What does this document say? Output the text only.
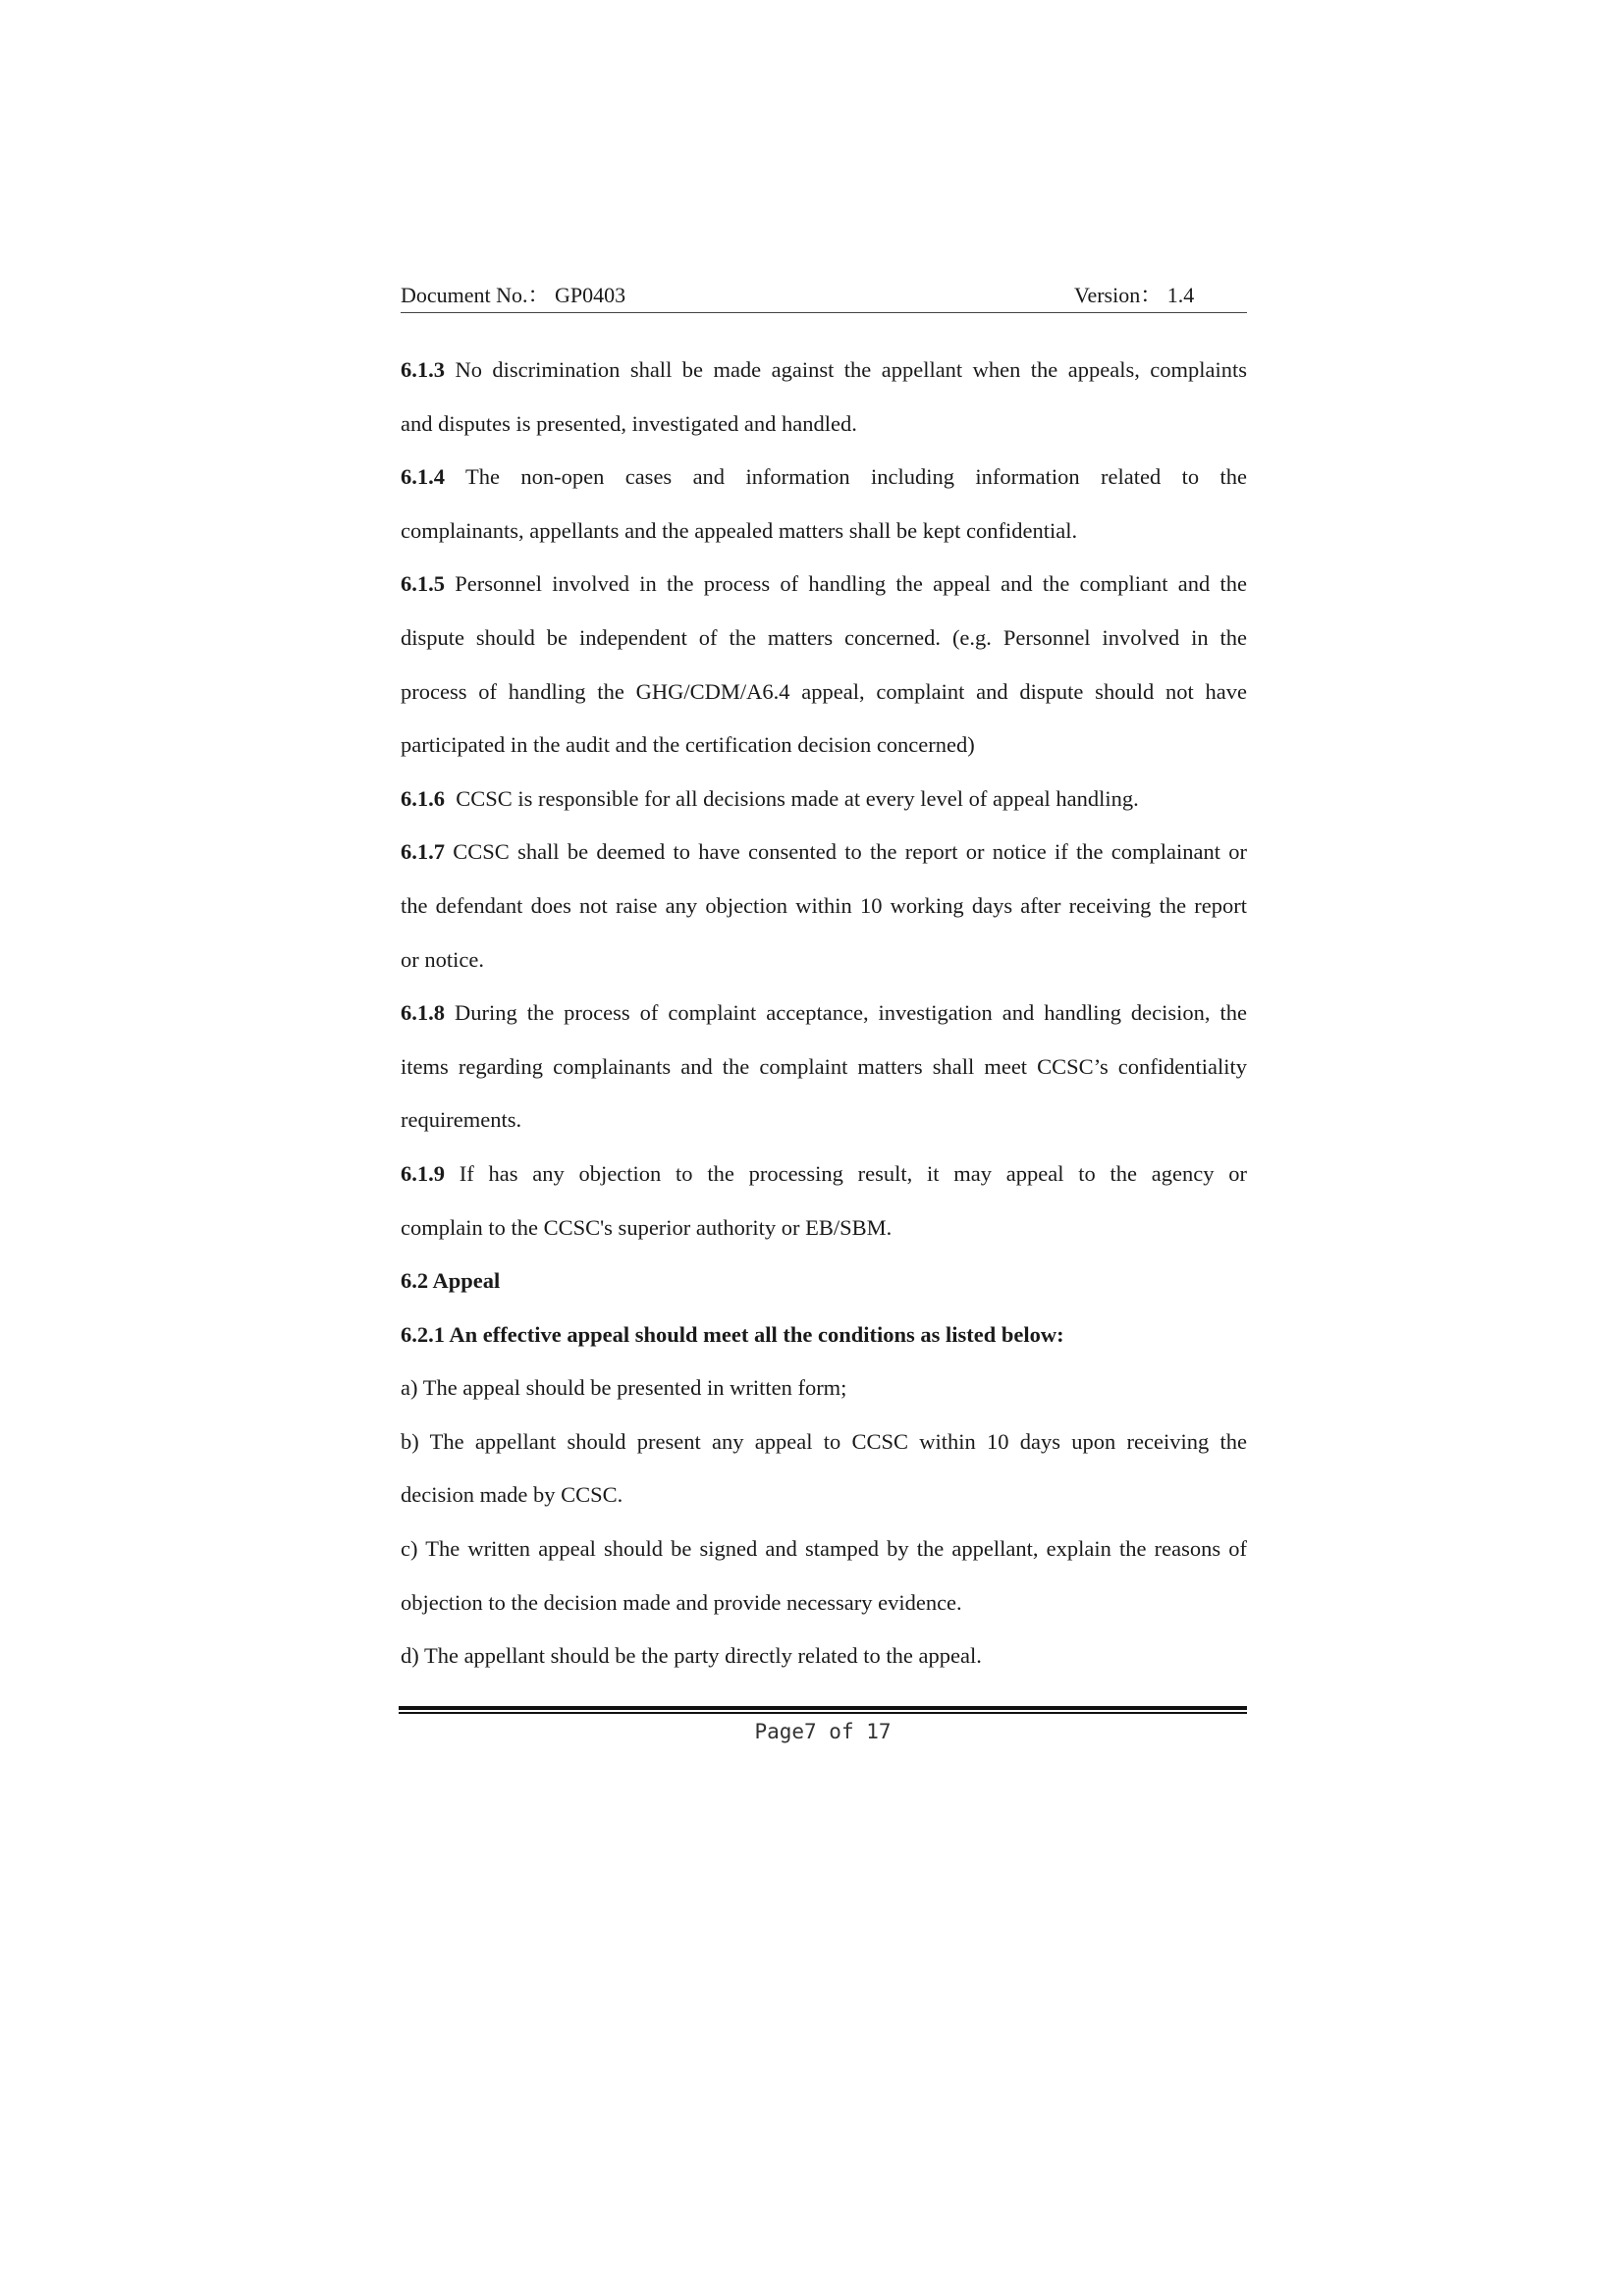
Document No.： GP0403	Version： 1.4
6.1.3 No discrimination shall be made against the appellant when the appeals, complaints
and disputes is presented, investigated and handled.
6.1.4 The non-open cases and information including information related to the
complainants, appellants and the appealed matters shall be kept confidential.
6.1.5 Personnel involved in the process of handling the appeal and the compliant and the
dispute should be independent of the matters concerned. (e.g. Personnel involved in the
process of handling the GHG/CDM/A6.4 appeal, complaint and dispute should not have
participated in the audit and the certification decision concerned)
6.1.6 CCSC is responsible for all decisions made at every level of appeal handling.
6.1.7 CCSC shall be deemed to have consented to the report or notice if the complainant or
the defendant does not raise any objection within 10 working days after receiving the report
or notice.
6.1.8 During the process of complaint acceptance, investigation and handling decision, the
items regarding complainants and the complaint matters shall meet CCSC’s confidentiality
requirements.
6.1.9 If has any objection to the processing result, it may appeal to the agency or
complain to the CCSC's superior authority or EB/SBM.
6.2 Appeal
6.2.1 An effective appeal should meet all the conditions as listed below:
a) The appeal should be presented in written form;
b) The appellant should present any appeal to CCSC within 10 days upon receiving the
decision made by CCSC.
c) The written appeal should be signed and stamped by the appellant, explain the reasons of
objection to the decision made and provide necessary evidence.
d) The appellant should be the party directly related to the appeal.
Page7 of 17
